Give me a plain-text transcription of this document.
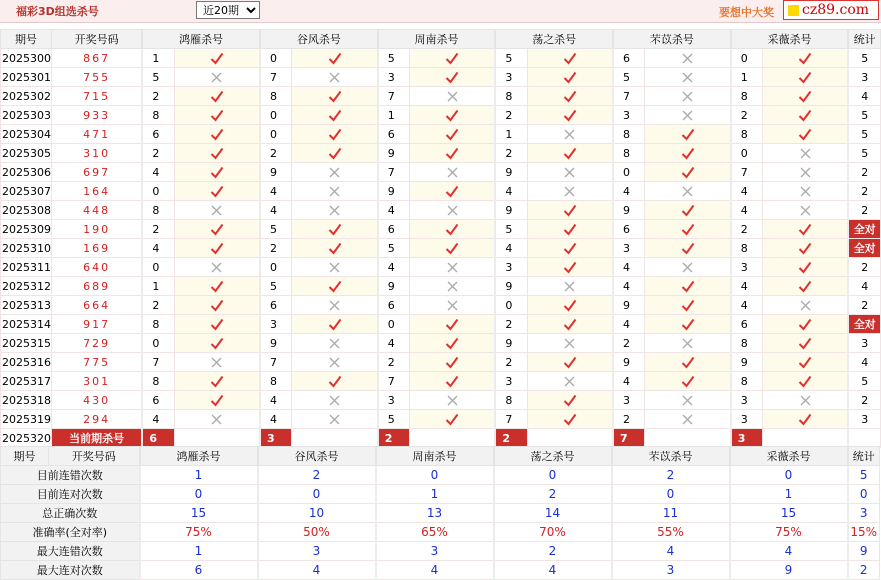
福彩3D组选杀号
近20期	要想中大奖 cz89.com
期号	开奖号码	鸿雁杀号		谷风杀号		周南杀号		荡之杀号		芣苡杀号		采薇杀号		统计
2025300	867	1		0		5		5		6		0		5
2025301	755	5		7		3		3		5		1		3
2025302	715	2		8		7		8		7		8		4
2025303	933	8		0		1		2		3		2		5
2025304	471	6		0		6		1		8		8		5
2025305	310	2		2		9		2		8		0		5
2025306	697	4		9		7		9		0		7		2
2025307	164	0		4		9		4		4		4		2
2025308	448	8		4		4		9		9		4		2
2025309	190	2		5		6		5		6		2		全对
2025310	169	4		2		5		4		3		8		全对
2025311	640	0		0		4		3		4		3		2
2025312	689	1		5		9		9		4		4		4
2025313	664	2		6		6		0		9		4		2
2025314	917	8		3		0		2		4		6		全对
2025315	729	0		9		4		9		2		8		3
2025316	775	7		7		2		2		9		9		4
2025317	301	8		8		7		3		4		8		5
2025318	430	6		4		3		8		3		3		2
2025319	294	4		4		5		7		2		3		3
2025320	当前期杀号	6		3		2		2		7		3		
期号	开奖号码	鸿雁杀号	谷风杀号	周南杀号	荡之杀号	芣苡杀号	采薇杀号	统计
目前连错次数		1	2	0	0	2	0	5
目前连对次数		0	0	1	2	0	1	0
总正确次数		15	10	13	14	11	15	3
准确率(全对率)		75%	50%	65%	70%	55%	75%	15%
最大连错次数		1	3	3	2	4	4	9
最大连对次数		6	4	4	4	3	9	2
